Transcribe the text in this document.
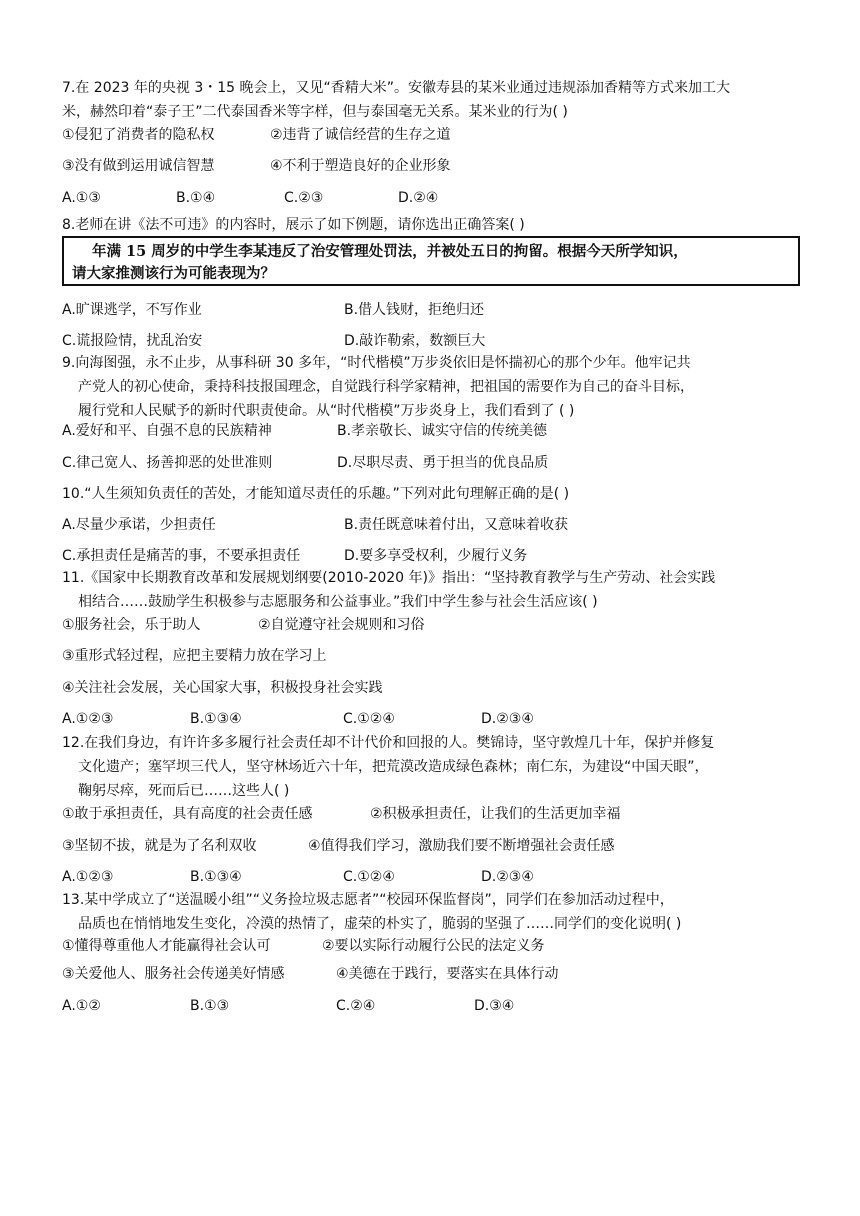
7.在 2023 年的央视 3・15 晚会上，又见“香精大米”。安徽寿县的某米业通过违规添加香精等方式来加工大
米，赫然印着“泰子王”二代泰国香米等字样，但与泰国毫无关系。某米业的行为( )
①侵犯了消费者的隐私权	②违背了诚信经营的生存之道
③没有做到运用诚信智慧	④不利于塑造良好的企业形象
A.①③	B.①④	C.②③	D.②④
8.老师在讲《法不可违》的内容时，展示了如下例题，请你选出正确答案( )
年满 15 周岁的中学生李某违反了治安管理处罚法，并被处五日的拘留。根据今天所学知识，
请大家推测该行为可能表现为？
A.旷课逃学，不写作业	B.借人钱财，拒绝归还
C.谎报险情，扰乱治安	D.敲诈勒索，数额巨大
9.向海图强，永不止步，从事科研 30 多年，“时代楷模”万步炎依旧是怀揣初心的那个少年。他牢记共
产党人的初心使命，秉持科技报国理念，自觉践行科学家精神，把祖国的需要作为自己的奋斗目标，
履行党和人民赋予的新时代职责使命。从“时代楷模”万步炎身上，我们看到了 ( )
A.爱好和平、自强不息的民族精神	B.孝亲敬长、诚实守信的传统美德
C.律己宽人、扬善抑恶的处世准则	D.尽职尽责、勇于担当的优良品质
10.“人生须知负责任的苦处，才能知道尽责任的乐趣。”下列对此句理解正确的是( )
A.尽量少承诺，少担责任	B.责任既意味着付出，又意味着收获
C.承担责任是痛苦的事，不要承担责任	D.要多享受权利，少履行义务
11.《国家中长期教育改革和发展规划纲要(2010-2020 年)》指出：“坚持教育教学与生产劳动、社会实践
相结合……鼓励学生积极参与志愿服务和公益事业。”我们中学生参与社会生活应该( )
①服务社会，乐于助人	②自觉遵守社会规则和习俗
③重形式轻过程，应把主要精力放在学习上
④关注社会发展，关心国家大事，积极投身社会实践
A.①②③	B.①③④	C.①②④	D.②③④
12.在我们身边，有许许多多履行社会责任却不计代价和回报的人。樊锦诗，坚守敦煌几十年，保护并修复
文化遗产；塞罕坝三代人，坚守林场近六十年，把荒漠改造成绿色森林；南仁东，为建设“中国天眼”，
鞠躬尽瘁，死而后已……这些人( )
①敢于承担责任，具有高度的社会责任感	②积极承担责任，让我们的生活更加幸福
③坚韧不拔，就是为了名利双收	④值得我们学习，激励我们要不断增强社会责任感
A.①②③	B.①③④	C.①②④	D.②③④
13.某中学成立了“送温暖小组”“义务捡垃圾志愿者”“校园环保监督岗”，同学们在参加活动过程中，
品质也在悄悄地发生变化，冷漠的热情了，虚荣的朴实了，脆弱的坚强了……同学们的变化说明( )
①懂得尊重他人才能赢得社会认可	②要以实际行动履行公民的法定义务
③关爱他人、服务社会传递美好情感	④美德在于践行，要落实在具体行动
A.①②	B.①③	C.②④	D.③④
